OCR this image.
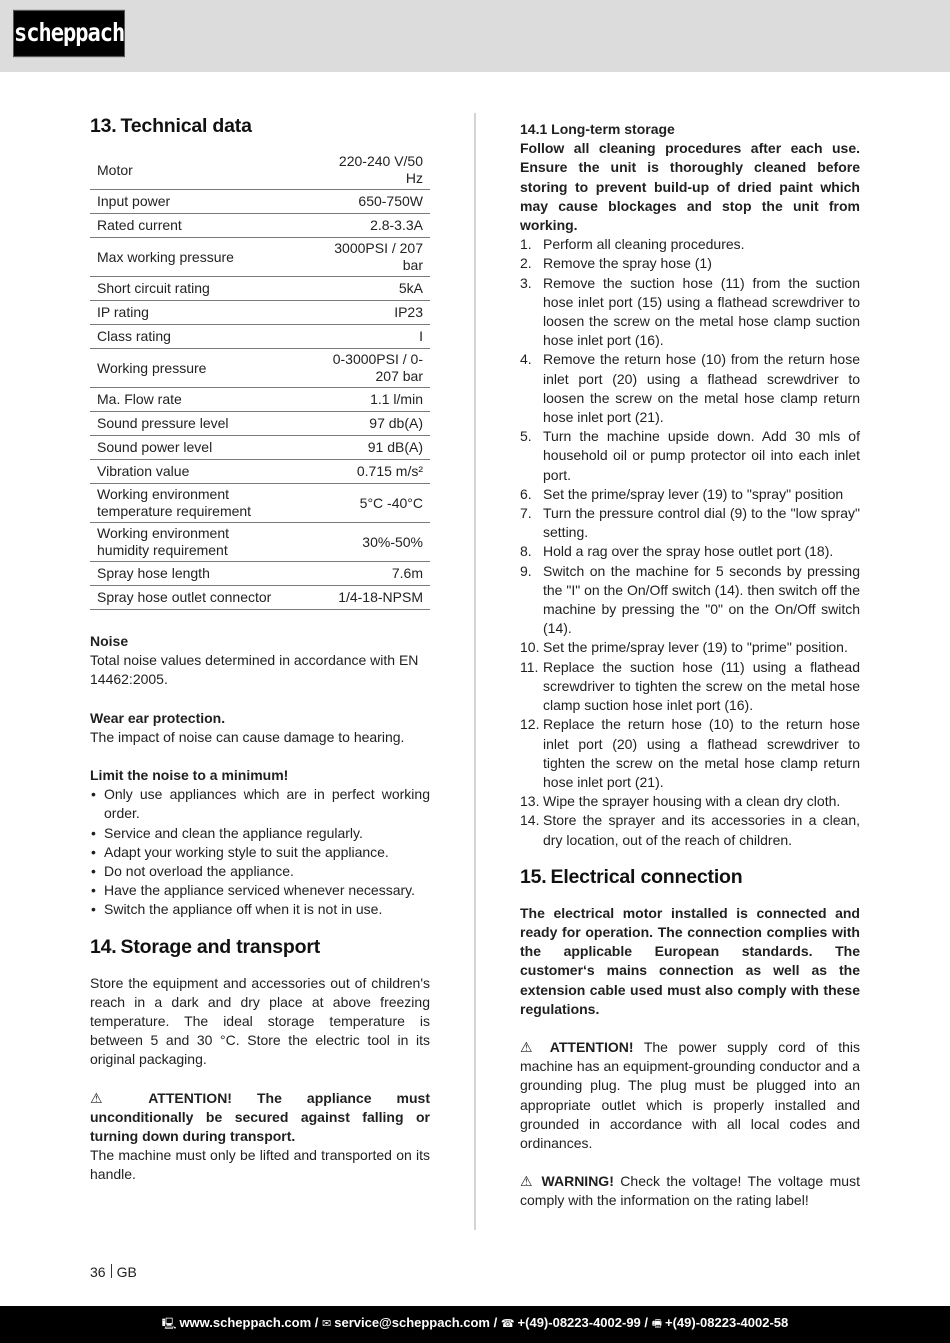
scheppach
13. Technical data
Motor	220-240 V/50 Hz
Input power	650-750W
Rated current	2.8-3.3A
Max working pressure	3000PSI / 207 bar
Short circuit rating	5kA
IP rating	IP23
Class rating	I
Working pressure	0-3000PSI / 0-207 bar
Ma. Flow rate	1.1 l/min
Sound pressure level	97 db(A)
Sound power level	91 dB(A)
Vibration value	0.715 m/s²
Working environment temperature requirement	5°C -40°C
Working environment humidity requirement	30%-50%
Spray hose length	7.6m
Spray hose outlet connector	1/4-18-NPSM

Noise

Total noise values determined in accordance with EN 14462:2005.

Wear ear protection.

The impact of noise can cause damage to hearing.

Limit the noise to a minimum!

• Only use appliances which are in perfect working order.
• Service and clean the appliance regularly.
• Adapt your working style to suit the appliance.
• Do not overload the appliance.
• Have the appliance serviced whenever necessary.
• Switch the appliance off when it is not in use.
14. Storage and transport

Store the equipment and accessories out of children's reach in a dark and dry place at above freezing temperature. The ideal storage temperature is between 5 and 30 °C. Store the electric tool in its original packaging.

⚠ ATTENTION! The appliance must unconditionally be secured against falling or turning down during transport.

The machine must only be lifted and transported on its handle.

14.1 Long-term storage

Follow all cleaning procedures after each use. Ensure the unit is thoroughly cleaned before storing to prevent build-up of dried paint which may cause blockages and stop the unit from working.

1. Perform all cleaning procedures.
2. Remove the spray hose (1)
3. Remove the suction hose (11) from the suction hose inlet port (15) using a flathead screwdriver to loosen the screw on the metal hose clamp suction hose inlet port (16).
4. Remove the return hose (10) from the return hose inlet port (20) using a flathead screwdriver to loosen the screw on the metal hose clamp return hose inlet port (21).
5. Turn the machine upside down. Add 30 mls of household oil or pump protector oil into each inlet port.
6. Set the prime/spray lever (19) to "spray" position
7. Turn the pressure control dial (9) to the "low spray" setting.
8. Hold a rag over the spray hose outlet port (18).
9. Switch on the machine for 5 seconds by pressing the "I" on the On/Off switch (14). then switch off the machine by pressing the "0" on the On/Off switch (14).
10. Set the prime/spray lever (19) to "prime" position.
11. Replace the suction hose (11) using a flathead screwdriver to tighten the screw on the metal hose clamp suction hose inlet port (16).
12. Replace the return hose (10) to the return hose inlet port (20) using a flathead screwdriver to tighten the screw on the metal hose clamp return hose inlet port (21).
13. Wipe the sprayer housing with a clean dry cloth.
14. Store the sprayer and its accessories in a clean, dry location, out of the reach of children.
15. Electrical connection

The electrical motor installed is connected and ready for operation. The connection complies with the applicable European standards. The customer‘s mains connection as well as the extension cable used must also comply with these regulations.

⚠ ATTENTION! The power supply cord of this machine has an equipment-grounding conductor and a grounding plug. The plug must be plugged into an appropriate outlet which is properly installed and grounded in accordance with all local codes and ordinances.

⚠ WARNING! Check the voltage! The voltage must comply with the information on the rating label!

36 GB
🖳 www.scheppach.com / ✉ service@scheppach.com / ☎ +(49)-08223-4002-99 / 🖷 +(49)-08223-4002-58
